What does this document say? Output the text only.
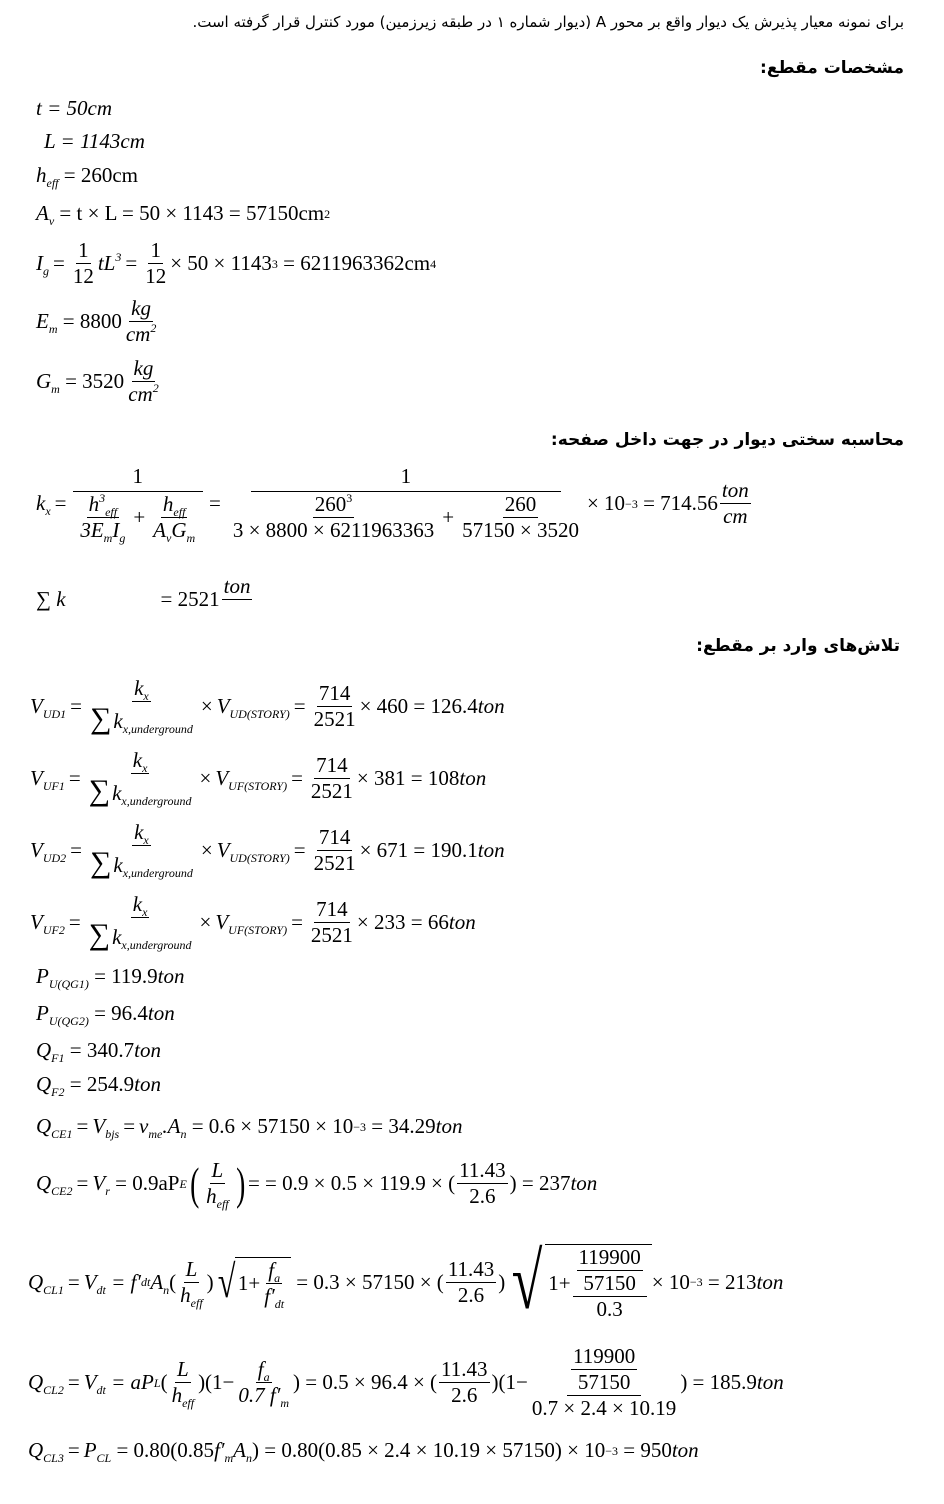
برای نمونه معیار پذیرش یک دیوار واقع بر محور A (دیوار شماره ۱ در طبقه زیرزمین) مورد کنترل قرار گرفته است.
مشخصات مقطع:
t = 50cm
L = 1143cm
$h_{eff}$
= 260cm
$A_v$
= t × L = 50 × 1143 = 57150cm 2
$I_g = \frac{1}{12} tL^3 = \frac{1}{12} \times 50 \times 1143$ 3
= 6211963362cm 4
$E_m$
= $8800 \frac{kg}{cm^2}$
$G_m$
= $3520 \frac{kg}{cm^2}$
محاسبه سختی دیوار در جهت داخل صفحه:
$k_x = \frac{1}{\frac{h^3_{eff}}{3E_mI_g} + \frac{h_{eff}}{A_vG_m}} = \frac{1}{\frac{260^3}{3 \times 8800 \times 6211963363} + \frac{260}{57150 \times 3520}} \times 10 -3$
= $714.56 \frac{\text{ton}}{cm}$
∑ k	= 2521
ton

تلاش‌های وارد بر مقطع:
$V_{UD1} = \frac{k_x}{\sum k_{x,underground}} \times V_{UD(STORY)} = \frac{714}{2521} \times 460 = 126.4$ ton
$V_{UF1} = \frac{k_x}{\sum k_{x,underground}} \times V_{UF(STORY)} = \frac{714}{2521} \times 381 = 108$ ton
$V_{UD2} = \frac{k_x}{\sum k_{x,underground}} \times V_{UD(STORY)} = \frac{714}{2521} \times 671 = 190.1$ ton
$V_{UF2} = \frac{k_x}{\sum k_{x,underground}} \times V_{UF(STORY)} = \frac{714}{2521} \times 233 = 66$ ton
$P_{U(QG1)}$
= 119.9 ton
$P_{U(QG2)}$
= 96.4 ton
$Q_{F1}$
= 340.7 ton
$Q_{F2}$
= 254.9 ton
$Q_{CE1} = V_{bjs} = v_{me}.A_n$
= 0.6 × 57150 × 10 −3
= 34.29 ton
$Q_{CE2} = V_r$
= 0.9aP E ( $\frac{L}{h_{eff}}$ ) = = 0.9 × 0.5 × 119.9 × ( $\frac{11.43}{2.6}$ ) = 237 ton
$Q_{CL1} = V_{dt}$
= f′ dt $A_n$ ( $\frac{L}{h_{eff}}$ ) √ $1+ \frac{f_a}{f'_{dt}}$
= 0.3 × 57150 × ( $\frac{11.43}{2.6}$ ) √ $1+ \frac{\frac{119900}{57150}}{0.3} \times 10 -3$
= 213 ton
$Q_{CL2} = V_{dt}$
= aP L ( $\frac{L}{h_{eff}} )(1- \frac{f_a}{0.7 f'_m}$ ) = 0.5 × 96.4 × ( $\frac{11.43}{2.6} )(1- \frac{\frac{119900}{57150}}{0.7 \times 2.4 \times 10.19}$ ) = 185.9 ton
$Q_{CL3} = P_{CL}$
= 0.80(0.85 $f'_mA_n$ ) = 0.80(0.85 × 2.4 × 10.19 × 57150) × 10 −3
= 950 ton
